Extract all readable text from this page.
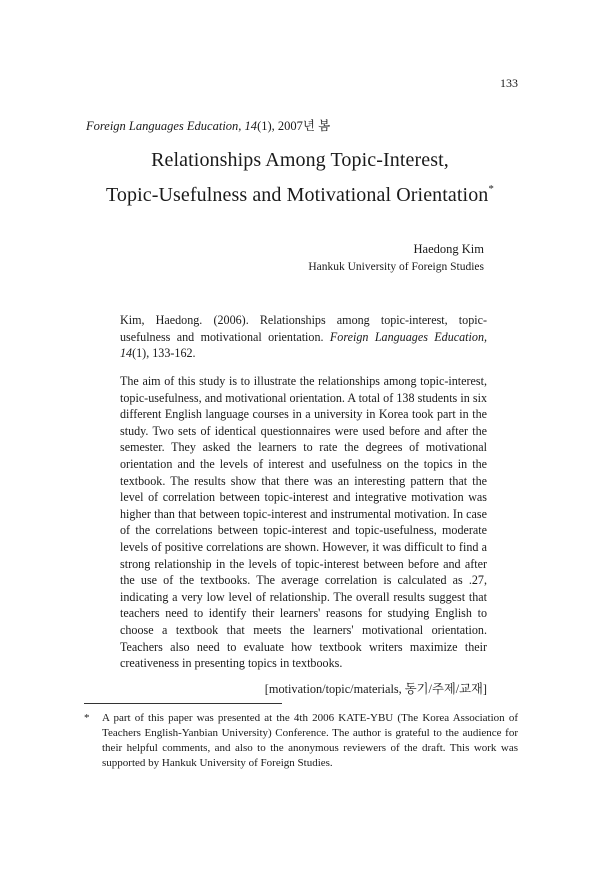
133
Foreign Languages Education, 14(1), 2007년 봄
Relationships Among Topic-Interest,
Topic-Usefulness and Motivational Orientation*
Haedong Kim
Hankuk University of Foreign Studies
Kim, Haedong. (2006). Relationships among topic-interest, topic-usefulness and motivational orientation. Foreign Languages Education, 14(1), 133-162.
The aim of this study is to illustrate the relationships among topic-interest, topic-usefulness, and motivational orientation. A total of 138 students in six different English language courses in a university in Korea took part in the study. Two sets of identical questionnaires were used before and after the semester. They asked the learners to rate the degrees of motivational orientation and the levels of interest and usefulness on the topics in the textbook. The results show that there was an interesting pattern that the level of correlation between topic-interest and integrative motivation was higher than that between topic-interest and instrumental motivation. In case of the correlations between topic-interest and topic-usefulness, moderate levels of positive correlations are shown. However, it was difficult to find a strong relationship in the levels of topic-interest between before and after the use of the textbooks. The average correlation is calculated as .27, indicating a very low level of relationship. The overall results suggest that teachers need to identify their learners' reasons for studying English to choose a textbook that meets the learners' motivational orientation. Teachers also need to evaluate how textbook writers maximize their creativeness in presenting topics in textbooks.
[motivation/topic/materials, 동기/주제/교재]
* A part of this paper was presented at the 4th 2006 KATE-YBU (The Korea Association of Teachers English-Yanbian University) Conference. The author is grateful to the audience for their helpful comments, and also to the anonymous reviewers of the draft. This work was supported by Hankuk University of Foreign Studies.
